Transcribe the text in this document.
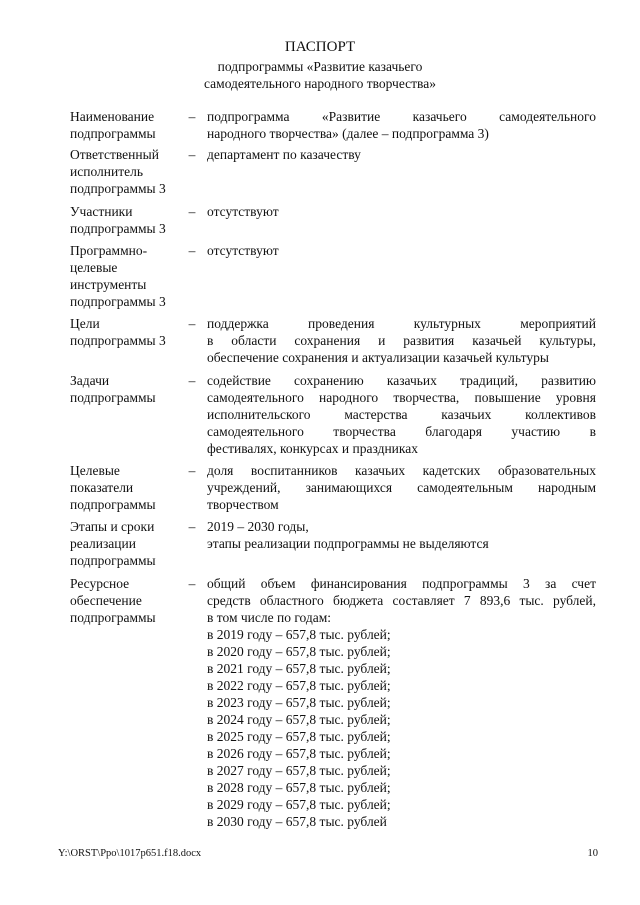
ПАСПОРТ
подпрограммы «Развитие казачьего
самодеятельного народного творчества»
Наименование
подпрограммы
– подпрограмма «Развитие казачьего самодеятельного
народного творчества» (далее – подпрограмма 3)
Ответственный
исполнитель
подпрограммы 3
– департамент по казачеству
Участники
подпрограммы 3
– отсутствуют
Программно-
целевые
инструменты
подпрограммы 3
– отсутствуют
Цели
подпрограммы 3
– поддержка проведения культурных мероприятий
в области сохранения и развития казачьей культуры,
обеспечение сохранения и актуализации казачьей культуры
Задачи
подпрограммы
– содействие сохранению казачьих традиций, развитию
самодеятельного народного творчества, повышение уровня
исполнительского мастерства казачьих коллективов
самодеятельного творчества благодаря участию в
фестивалях, конкурсах и праздниках
Целевые
показатели
подпрограммы
– доля воспитанников казачьих кадетских образовательных
учреждений, занимающихся самодеятельным народным
творчеством
Этапы и сроки
реализации
подпрограммы
– 2019 – 2030 годы,
этапы реализации подпрограммы не выделяются
Ресурсное
обеспечение
подпрограммы
– общий объем финансирования подпрограммы 3 за счет
средств областного бюджета составляет 7 893,6 тыс. рублей,
в том числе по годам:
в 2019 году – 657,8 тыс. рублей;
в 2020 году – 657,8 тыс. рублей;
в 2021 году – 657,8 тыс. рублей;
в 2022 году – 657,8 тыс. рублей;
в 2023 году – 657,8 тыс. рублей;
в 2024 году – 657,8 тыс. рублей;
в 2025 году – 657,8 тыс. рублей;
в 2026 году – 657,8 тыс. рублей;
в 2027 году – 657,8 тыс. рублей;
в 2028 году – 657,8 тыс. рублей;
в 2029 году – 657,8 тыс. рублей;
в 2030 году – 657,8 тыс. рублей
Y:\ORST\Ppo\1017p651.f18.docx	10
